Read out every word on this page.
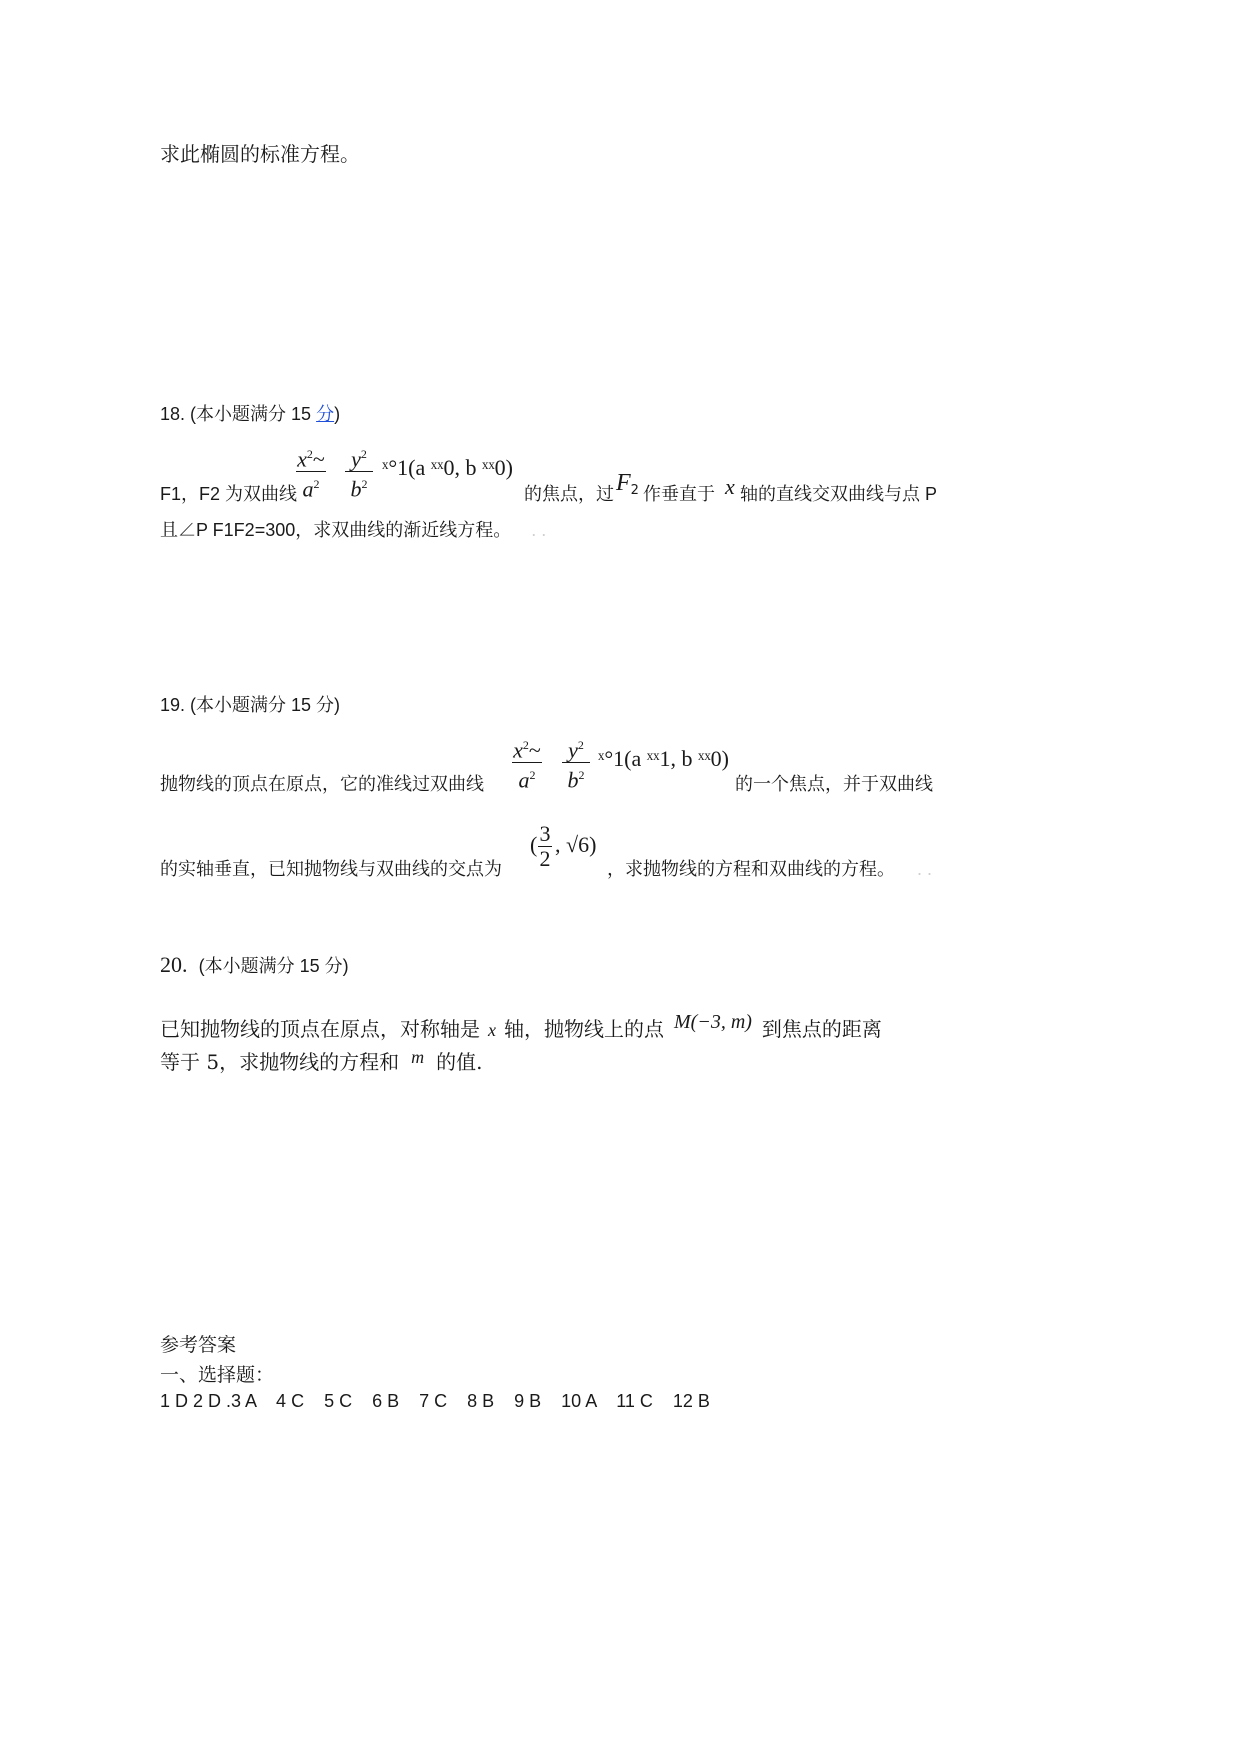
求此椭圆的标准方程。
18. (本小题满分 15 分)
F1，F2 为双曲线
$x^2\sim$
$a^2$
$y^2$
$b^2$
ˣ°1(a ˣˣ0, b ˣˣ0)
的焦点，过 $F_2$ 作垂直于 x 轴的直线交双曲线与点 P
且∠P F1F2=300，求双曲线的渐近线方程。 . .
19. (本小题满分 15 分)
抛物线的顶点在原点，它的准线过双曲线
$x^2\sim$
$a^2$
$y^2$
$b^2$
ˣ°1(a ˣˣ1, b ˣˣ0)
的一个焦点，并于双曲线
的实轴垂直，已知抛物线与双曲线的交点为
( 3
2
, √6)
，求抛物线的方程和双曲线的方程。 . .
20. (本小题满分 15 分)
已知抛物线的顶点在原点，对称轴是 x 轴，抛物线上的点 M(−3, m) 到焦点的距离
等于 5，求抛物线的方程和 m 的值.
参考答案
一、选择题：
1 D 2 D .3 A    4 C    5 C    6 B    7 C    8 B    9 B    10 A    11 C    12 B
